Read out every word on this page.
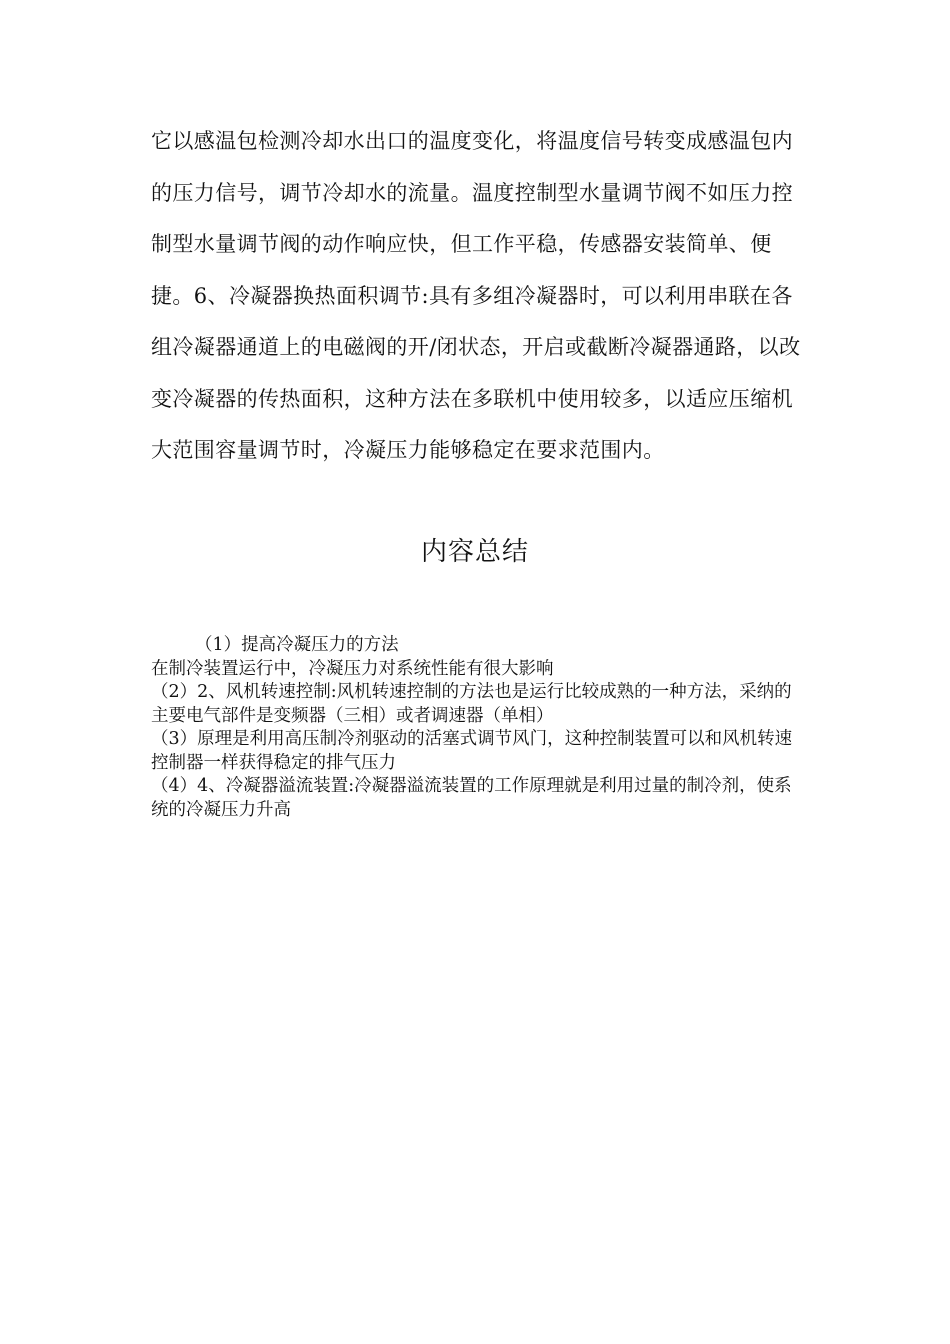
它以感温包检测冷却水出口的温度变化，将温度信号转变成感温包内的压力信号，调节冷却水的流量。温度控制型水量调节阀不如压力控制型水量调节阀的动作响应快，但工作平稳，传感器安装简单、便捷。6、冷凝器换热面积调节:具有多组冷凝器时，可以利用串联在各组冷凝器通道上的电磁阀的开/闭状态，开启或截断冷凝器通路，以改变冷凝器的传热面积，这种方法在多联机中使用较多，以适应压缩机大范围容量调节时，冷凝压力能够稳定在要求范围内。

内容总结
（1）提高冷凝压力的方法
在制冷装置运行中，冷凝压力对系统性能有很大影响
（2）2、风机转速控制:风机转速控制的方法也是运行比较成熟的一种方法，采纳的主要电气部件是变频器（三相）或者调速器（单相）
（3）原理是利用高压制冷剂驱动的活塞式调节风门，这种控制装置可以和风机转速控制器一样获得稳定的排气压力
（4）4、冷凝器溢流装置:冷凝器溢流装置的工作原理就是利用过量的制冷剂，使系统的冷凝压力升高
